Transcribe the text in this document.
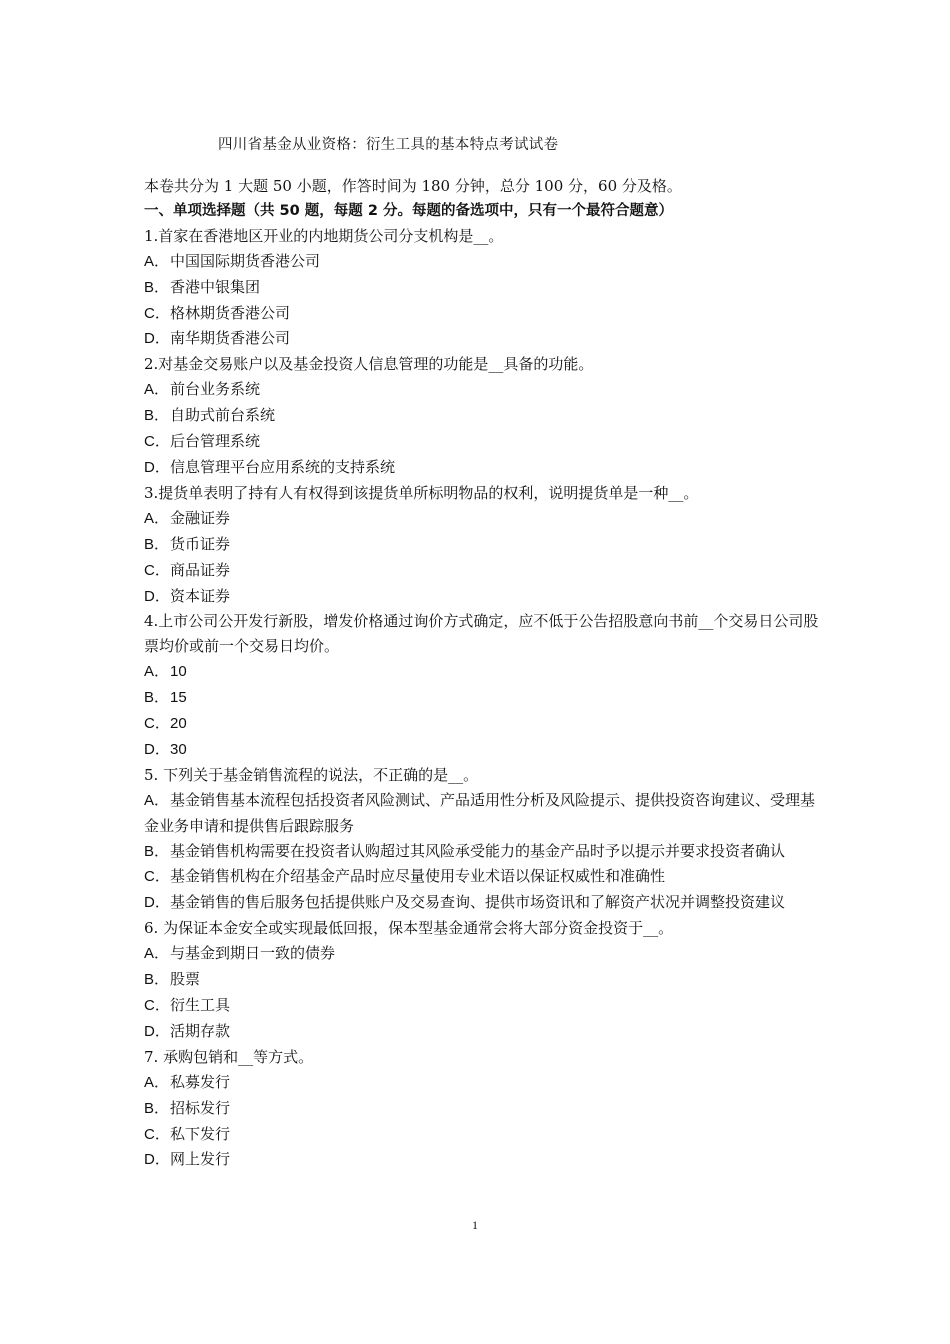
四川省基金从业资格：衍生工具的基本特点考试试卷
本卷共分为 1 大题 50 小题，作答时间为 180 分钟，总分 100 分，60 分及格。
一、单项选择题（共 50 题，每题 2 分。每题的备选项中，只有一个最符合题意）
1.首家在香港地区开业的内地期货公司分支机构是__。
A．中国国际期货香港公司
B．香港中银集团
C．格林期货香港公司
D．南华期货香港公司
2.对基金交易账户以及基金投资人信息管理的功能是__具备的功能。
A．前台业务系统
B．自助式前台系统
C．后台管理系统
D．信息管理平台应用系统的支持系统
3.提货单表明了持有人有权得到该提货单所标明物品的权利，说明提货单是一种__。
A．金融证券
B．货币证券
C．商品证券
D．资本证券
4.上市公司公开发行新股，增发价格通过询价方式确定，应不低于公告招股意向书前__个交易日公司股票均价或前一个交易日均价。
A．10
B．15
C．20
D．30
5. 下列关于基金销售流程的说法，不正确的是__。
A．基金销售基本流程包括投资者风险测试、产品适用性分析及风险提示、提供投资咨询建议、受理基金业务申请和提供售后跟踪服务
B．基金销售机构需要在投资者认购超过其风险承受能力的基金产品时予以提示并要求投资者确认
C．基金销售机构在介绍基金产品时应尽量使用专业术语以保证权威性和准确性
D．基金销售的售后服务包括提供账户及交易查询、提供市场资讯和了解资产状况并调整投资建议
6. 为保证本金安全或实现最低回报，保本型基金通常会将大部分资金投资于__。
A．与基金到期日一致的债券
B．股票
C．衍生工具
D．活期存款
7. 承购包销和__等方式。
A．私募发行
B．招标发行
C．私下发行
D．网上发行
1
